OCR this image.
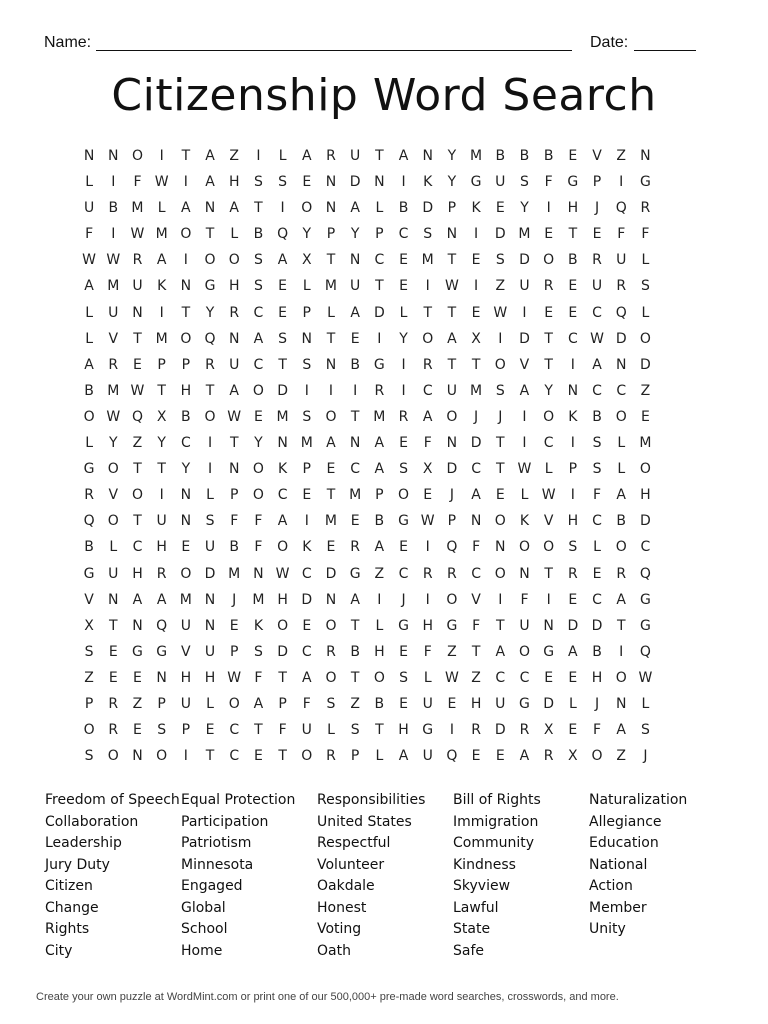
Name:	Date:
Citizenship Word Search
N N O	I	T	A	Z	I	L	A	R	U	T	A	N	Y M B	B	B	E	V	Z	N
L	I	F W	I	A	H	S	S	E	N D N	I	K	Y	G U	S	F	G	P	I	G
U	B M	L	A	N	A	T	I	O N	A	L	B	D	P	K	E	Y	I	H	J	Q R
F	I	W M O	T	L	B Q	Y	P	Y	P	C	S	N	I	D M E	T	E	F	F
W W R	A	I	O O	S	A	X	T	N	C	E M T	E	S	D O B	R	U	L
A M U	K	N G H	S	E	L	M U	T	E	I	W	I	Z	U	R	E	U	R	S
L	U N	I	T	Y	R	C	E	P	L	A	D	L	T	T	E W	I	E	E	C Q	L
L	V	T M O Q N	A	S	N	T	E	I	Y	O A	X	I	D	T	C W D O
A	R	E	P	P	R	U	C	T	S	N	B G	I	R	T	T	O V	T	I	A	N D
B M W T	H	T	A O D	I	I	I	R	I	C	U M S	A	Y	N	C	C	Z
O W Q X	B O W E M S	O	T M R	A O	J	J	I	O	K	B O	E
L	Y	Z	Y	C	I	T	Y	N M A	N	A	E	F	N D	T	I	C	I	S	L	M
G O	T	T	Y	I	N O	K	P	E	C	A	S	X	D C	T W L	P	S	L	O
R	V O	I	N	L	P	O C	E	T M P	O	E	J	A	E	L W	I	F	A	H
Q O	T	U N	S	F	F	A	I	M E	B G W P	N O	K	V	H	C	B	D
B	L	C	H	E	U	B	F	O	K	E	R	A	E	I	Q	F	N O O	S	L	O C
G U H	R O D M N W C D G Z	C	R	R	C O N	T	R	E	R Q
V	N	A	A M N	J	M H D N	A	I	J	I	O V	I	F	I	E	C	A G
X	T	N Q U N	E	K	O	E	O	T	L	G H G	F	T	U N D D	T	G
S	E	G G V	U	P	S	D C	R	B	H	E	F	Z	T	A O G A	B	I	Q
Z	E	E	N H H W F	T	A O	T	O	S	L W Z	C	C	E	E	H O W
P	R	Z	P	U	L	O A	P	F	S	Z	B	E	U	E	H U G D	L	J	N	L
O R	E	S	P	E	C	T	F	U	L	S	T	H G	I	R D R	X	E	F	A	S
S	O N O	I	T	C	E	T	O R	P	L	A	U Q	E	E	A	R	X O Z	J
Freedom of Speech
Collaboration
Leadership
Jury Duty
Citizen
Change
Rights
City
Equal Protection
Participation
Patriotism
Minnesota
Engaged
Global
School
Home
Responsibilities
United States
Respectful
Volunteer
Oakdale
Honest
Voting
Oath
Bill of Rights
Immigration
Community
Kindness
Skyview
Lawful
State
Safe
Naturalization
Allegiance
Education
National
Action
Member
Unity
Create your own puzzle at WordMint.com or print one of our 500,000+ pre-made word searches, crosswords, and more.
